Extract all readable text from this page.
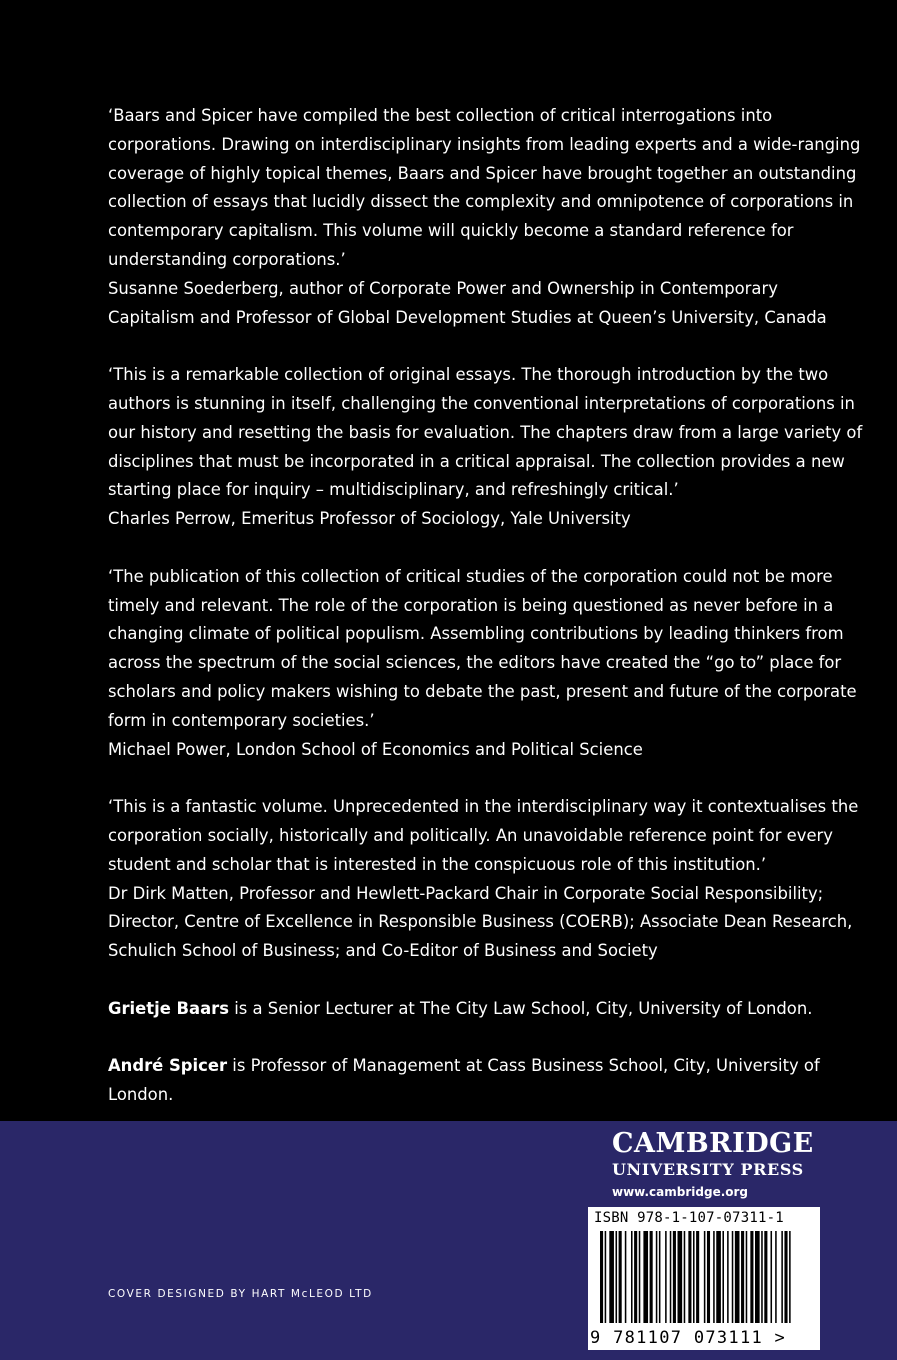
‘Baars and Spicer have compiled the best collection of critical interrogations into corporations. Drawing on interdisciplinary insights from leading experts and a wide-ranging coverage of highly topical themes, Baars and Spicer have brought together an outstanding collection of essays that lucidly dissect the complexity and omnipotence of corporations in contemporary capitalism. This volume will quickly become a standard reference for understanding corporations.’

Susanne Soederberg, author of Corporate Power and Ownership in Contemporary Capitalism and Professor of Global Development Studies at Queen’s University, Canada

‘This is a remarkable collection of original essays. The thorough introduction by the two authors is stunning in itself, challenging the conventional interpretations of corporations in our history and resetting the basis for evaluation. The chapters draw from a large variety of disciplines that must be incorporated in a critical appraisal. The collection provides a new starting place for inquiry – multidisciplinary, and refreshingly critical.’

Charles Perrow, Emeritus Professor of Sociology, Yale University

‘The publication of this collection of critical studies of the corporation could not be more timely and relevant. The role of the corporation is being questioned as never before in a changing climate of political populism. Assembling contributions by leading thinkers from across the spectrum of the social sciences, the editors have created the “go to” place for scholars and policy makers wishing to debate the past, present and future of the corporate form in contemporary societies.’

Michael Power, London School of Economics and Political Science

‘This is a fantastic volume. Unprecedented in the interdisciplinary way it contextualises the corporation socially, historically and politically. An unavoidable reference point for every student and scholar that is interested in the conspicuous role of this institution.’

Dr Dirk Matten, Professor and Hewlett-Packard Chair in Corporate Social Responsibility; Director, Centre of Excellence in Responsible Business (COERB); Associate Dean Research, Schulich School of Business; and Co-Editor of Business and Society

Grietje Baars is a Senior Lecturer at The City Law School, City, University of London.

André Spicer is Professor of Management at Cass Business School, City, University of London.

COVER DESIGNED BY HART McLEOD LTD
CAMBRIDGE
UNIVERSITY PRESS
www.cambridge.org
ISBN 978-1-107-07311-1
9 781107 073111 >
